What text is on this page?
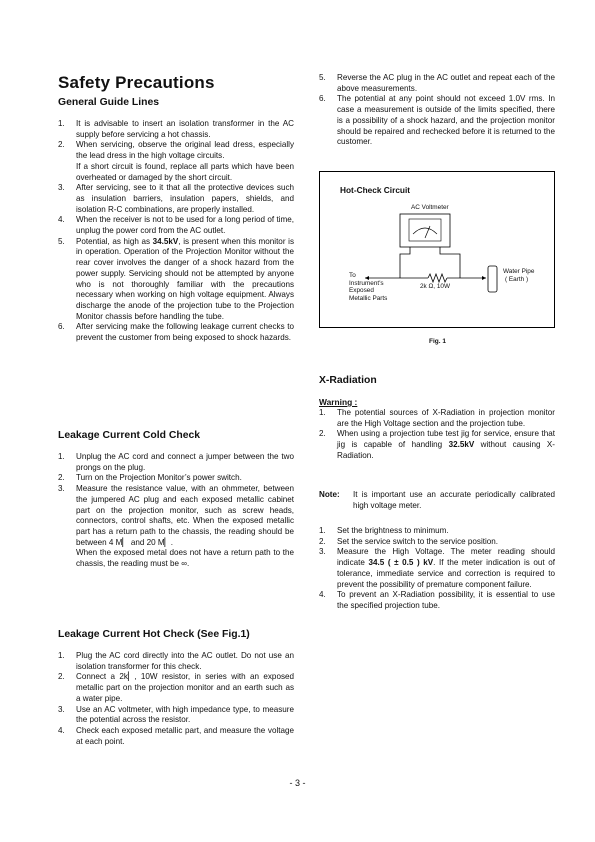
Safety Precautions
General Guide Lines
1. It is advisable to insert an isolation transformer in the AC supply before servicing a hot chassis.

2. When servicing, observe the original lead dress, especially the lead dress in the high voltage circuits.

If a short circuit is found, replace all parts which have been overheated or damaged by the short circuit.

3. After servicing, see to it that all the protective devices such as insulation barriers, insulation papers, shields, and isolation R-C combinations, are properly installed.

4. When the receiver is not to be used for a long period of time, unplug the power cord from the AC outlet.

5. Potential, as high as 34.5kV, is present when this monitor is in operation. Operation of the Projection Monitor without the rear cover involves the danger of a shock hazard from the power supply. Servicing should not be attempted by anyone who is not thoroughly familiar with the precautions necessary when working on high voltage equipment. Always discharge the anode of the projection tube to the Projection Monitor chassis before handling the tube.

6. After servicing make the following leakage current checks to prevent the customer from being exposed to shock hazards.

Leakage Current Cold Check
1. Unplug the AC cord and connect a jumper between the two prongs on the plug.

2. Turn on the Projection Monitor’s power switch.

3. Measure the resistance value, with an ohmmeter, between the jumpered AC plug and each exposed metallic cabinet part on the projection monitor, such as screw heads, connectors, control shafts, etc. When the exposed metallic part has a return path to the chassis, the reading should be between 4 M▏ and 20 M▏.

When the exposed metal does not have a return path to the chassis, the reading must be ∞.

Leakage Current Hot Check (See Fig.1)
1. Plug the AC cord directly into the AC outlet. Do not use an isolation transformer for this check.

2. Connect a 2k▏, 10W resistor, in series with an exposed metallic part on the projection monitor and an earth such as a water pipe.

3. Use an AC voltmeter, with high impedance type, to measure the potential across the resistor.

4. Check each exposed metallic part, and measure the voltage at each point.

5. Reverse the AC plug in the AC outlet and repeat each of the above measurements.

6. The potential at any point should not exceed 1.0V rms. In case a measurement is outside of the limits specified, there is a possibility of a shock hazard, and the projection monitor should be repaired and rechecked before it is returned to the customer.

Hot-Check Circuit
AC Voltmeter
To
Instrument's
Exposed
Metallic Parts
2k Ω, 10W
Water Pipe
( Earth )
Fig. 1
X-Radiation
Warning :
1. The potential sources of X-Radiation in projection monitor are the High Voltage section and the projection tube.

2. When using a projection tube test jig for service, ensure that jig is capable of handling 32.5kV without causing X-Radiation.

Note: It is important use an accurate periodically calibrated high voltage meter.
1. Set the brightness to minimum.

2. Set the service switch to the service position.

3. Measure the High Voltage. The meter reading should indicate 34.5 ( ± 0.5 ) kV. If the meter indication is out of tolerance, immediate service and correction is required to prevent the possibility of premature component failure.

4. To prevent an X-Radiation possibility, it is essential to use the specified projection tube.

- 3 -
